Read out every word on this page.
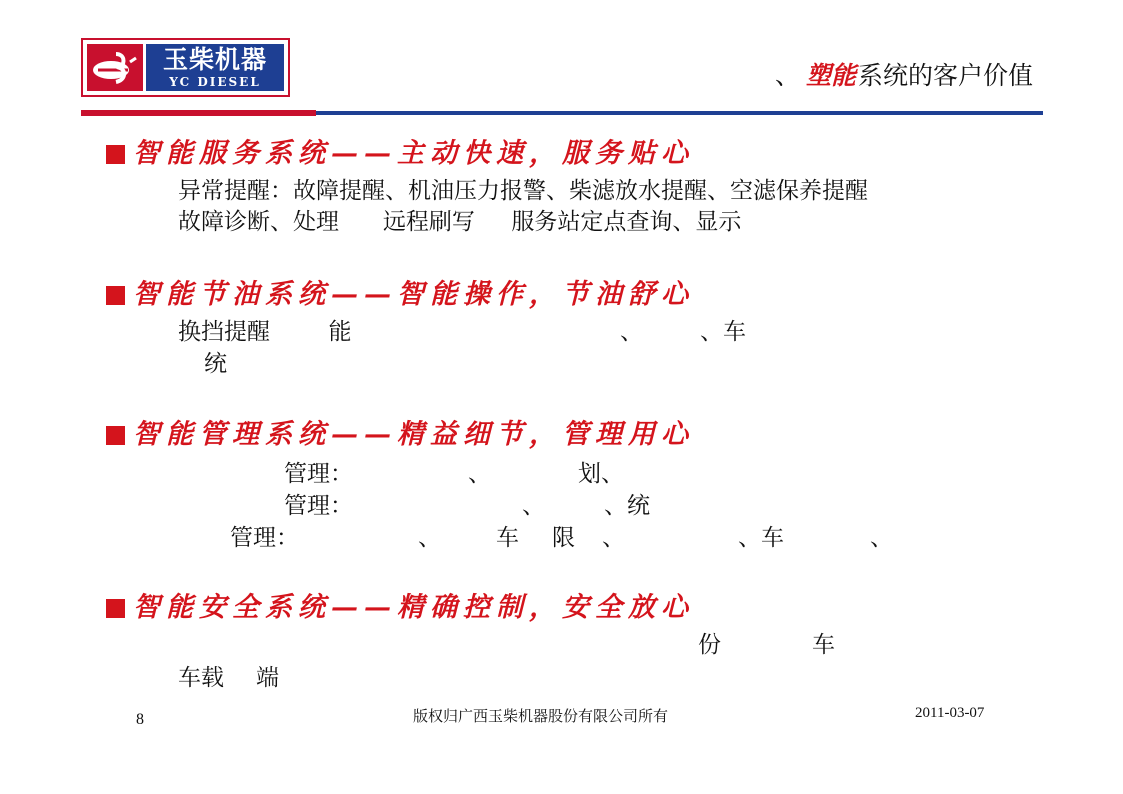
玉柴机器
YC DIESEL	、 塑能系统的客户价值
智能服务系统——主动快速，服务贴心
异常提醒：故障提醒、机油压力报警、柴滤放水提醒、空滤保养提醒
故障诊断、处理      远程刷写     服务站定点查询、显示
智能节油系统——智能操作，节油舒心
换挡提醒        能	、 、车
统
智能管理系统——精益细节，管理用心
管理：	、	划、
管理：	、	、统
管理：	、 车 限 、	、车	、
智能安全系统——精确控制，安全放心
份	车
车载 端
8	版权归广西玉柴机器股份有限公司所有	2011-03-07
